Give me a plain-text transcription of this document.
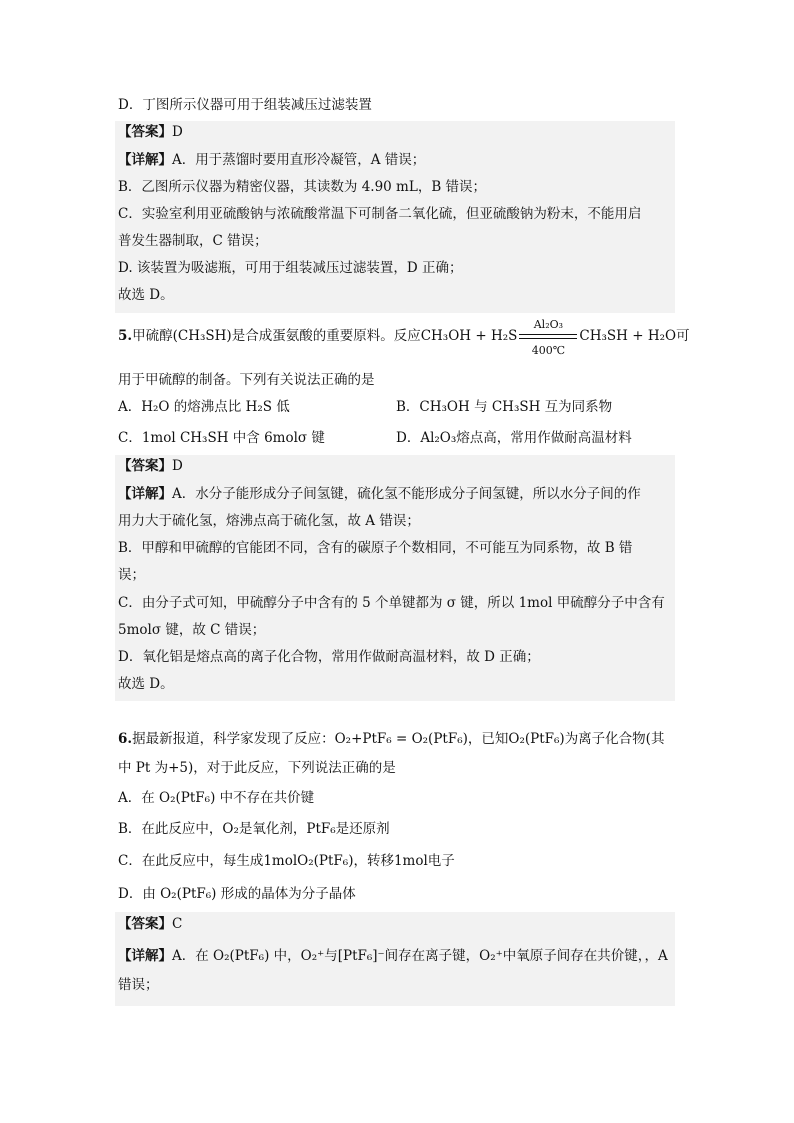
D．丁图所示仪器可用于组装减压过滤装置
【答案】D
【详解】A．用于蒸馏时要用直形冷凝管，A 错误；
B．乙图所示仪器为精密仪器，其读数为 4.90 mL，B 错误；
C．实验室利用亚硫酸钠与浓硫酸常温下可制备二氧化硫，但亚硫酸钠为粉末，不能用启
普发生器制取，C 错误；
D. 该装置为吸滤瓶，可用于组装减压过滤装置，D 正确；
故选 D。
5.甲硫醇(CH₃SH)是合成蛋氨酸的重要原料。反应CH₃OH + H₂S
Al₂O₃
400℃
CH₃SH + H₂O可
用于甲硫醇的制备。下列有关说法正确的是
A．H₂O 的熔沸点比 H₂S 低	B．CH₃OH 与 CH₃SH 互为同系物
C．1mol CH₃SH 中含 6molσ 键	D．Al₂O₃熔点高，常用作做耐高温材料
【答案】D
【详解】A．水分子能形成分子间氢键，硫化氢不能形成分子间氢键，所以水分子间的作
用力大于硫化氢，熔沸点高于硫化氢，故 A 错误；
B．甲醇和甲硫醇的官能团不同，含有的碳原子个数相同，不可能互为同系物，故 B 错
误；
C．由分子式可知，甲硫醇分子中含有的 5 个单键都为 σ 键，所以 1mol 甲硫醇分子中含有
5molσ 键，故 C 错误；
D．氧化铝是熔点高的离子化合物，常用作做耐高温材料，故 D 正确；
故选 D。
6.据最新报道，科学家发现了反应：O₂+PtF₆ = O₂(PtF₆)，已知O₂(PtF₆)为离子化合物(其
中 Pt 为+5)，对于此反应，下列说法正确的是
A．在 O₂(PtF₆) 中不存在共价键
B．在此反应中，O₂是氧化剂，PtF₆是还原剂
C．在此反应中，每生成1molO₂(PtF₆)，转移1mol电子
D．由 O₂(PtF₆) 形成的晶体为分子晶体
【答案】C
【详解】A．在 O₂(PtF₆) 中，O₂⁺与[PtF₆]⁻间存在离子键，O₂⁺中氧原子间存在共价键，，A
错误；
